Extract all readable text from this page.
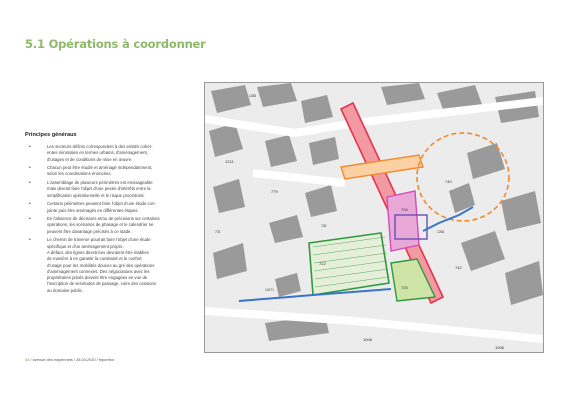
5.1 Opérations à coordonner
Principes généraux
•	Les secteurs définis correspondent à des entités cohér-
entes minimales en termes urbains, d'aménagement,
d'usages et de conditions de mise en œuvre.
•	Chacun peut être étudié et aménagé indépendamment,
selon les coordinations énoncées.
•	L'assemblage de plusieurs périmètres est envisageable
mais devrait faire l'objet d'une pesée d'intérêts entre la
simplification opérationnelle et le risque procédural.
•	Certains périmètres peuvent faire l'objet d'une étude con-
jointe puis être aménagés en différentes étapes.
•	En l'absence de décisions et/ou de précisions sur certaines
opérations, les scénarios de phasage et le calendrier ne
peuvent être davantage précisés à ce stade.
•	Le chemin de traverse pourrait faire l'objet d'une étude
spécifique et d'un aménagement propre.
A défaut, des lignes directrices devraient être établies
de manière à en garantir la continuité et le confort
d'usage pour les mobilités douces au gré des opérations
d'aménagement connexes. Des négociations avec les
propriétaires privés doivent être engagées en vue de
l'inscription de servitudes de passage, voire des cessions
au domaine public.
32 / avenue des mayennets / 28.03.2020 / triporteur
722
725
779
1211
740
742
1008
1006
726
10271
736
733	1268
1288
